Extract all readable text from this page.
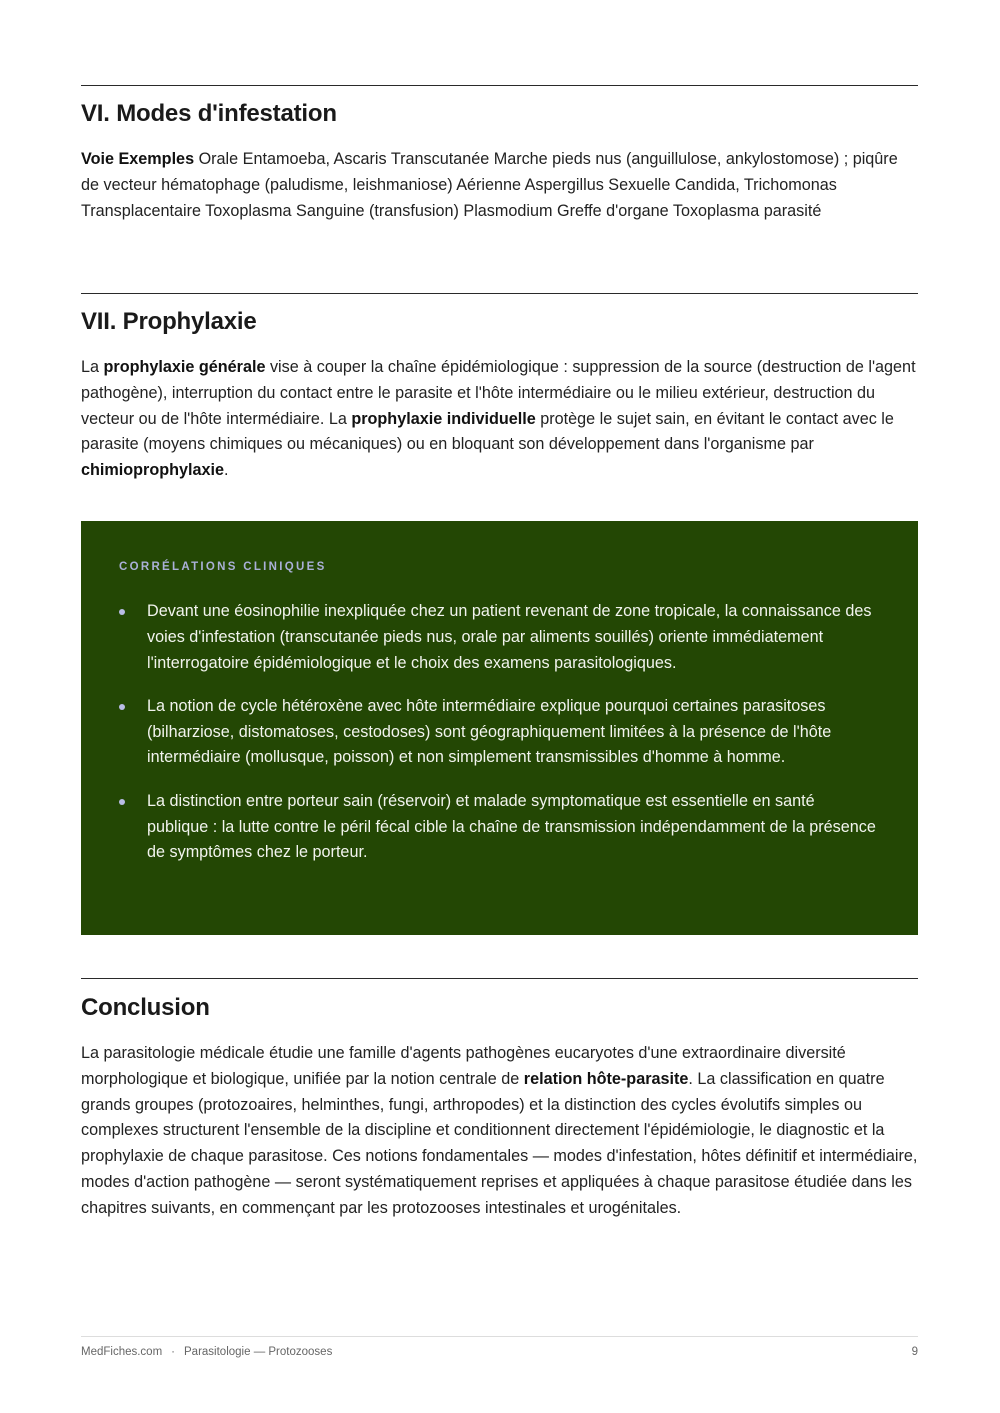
VI. Modes d'infestation

Voie Exemples Orale Entamoeba, Ascaris Transcutanée Marche pieds nus (anguillulose, ankylostomose) ; piqûre de vecteur hématophage (paludisme, leishmaniose) Aérienne Aspergillus Sexuelle Candida, Trichomonas Transplacentaire Toxoplasma Sanguine (transfusion) Plasmodium Greffe d'organe Toxoplasma parasité

VII. Prophylaxie

La prophylaxie générale vise à couper la chaîne épidémiologique : suppression de la source (destruction de l'agent pathogène), interruption du contact entre le parasite et l'hôte intermédiaire ou le milieu extérieur, destruction du vecteur ou de l'hôte intermédiaire. La prophylaxie individuelle protège le sujet sain, en évitant le contact avec le parasite (moyens chimiques ou mécaniques) ou en bloquant son développement dans l'organisme par chimioprophylaxie.

CORRÉLATIONS CLINIQUES
Devant une éosinophilie inexpliquée chez un patient revenant de zone tropicale, la connaissance des voies d'infestation (transcutanée pieds nus, orale par aliments souillés) oriente immédiatement l'interrogatoire épidémiologique et le choix des examens parasitologiques.
La notion de cycle hétéroxène avec hôte intermédiaire explique pourquoi certaines parasitoses (bilharziose, distomatoses, cestodoses) sont géographiquement limitées à la présence de l'hôte intermédiaire (mollusque, poisson) et non simplement transmissibles d'homme à homme.
La distinction entre porteur sain (réservoir) et malade symptomatique est essentielle en santé publique : la lutte contre le péril fécal cible la chaîne de transmission indépendamment de la présence de symptômes chez le porteur.
Conclusion

La parasitologie médicale étudie une famille d'agents pathogènes eucaryotes d'une extraordinaire diversité morphologique et biologique, unifiée par la notion centrale de relation hôte-parasite. La classification en quatre grands groupes (protozoaires, helminthes, fungi, arthropodes) et la distinction des cycles évolutifs simples ou complexes structurent l'ensemble de la discipline et conditionnent directement l'épidémiologie, le diagnostic et la prophylaxie de chaque parasitose. Ces notions fondamentales — modes d'infestation, hôtes définitif et intermédiaire, modes d'action pathogène — seront systématiquement reprises et appliquées à chaque parasitose étudiée dans les chapitres suivants, en commençant par les protozooses intestinales et urogénitales.

MedFiches.com · Parasitologie — Protozooses	9
